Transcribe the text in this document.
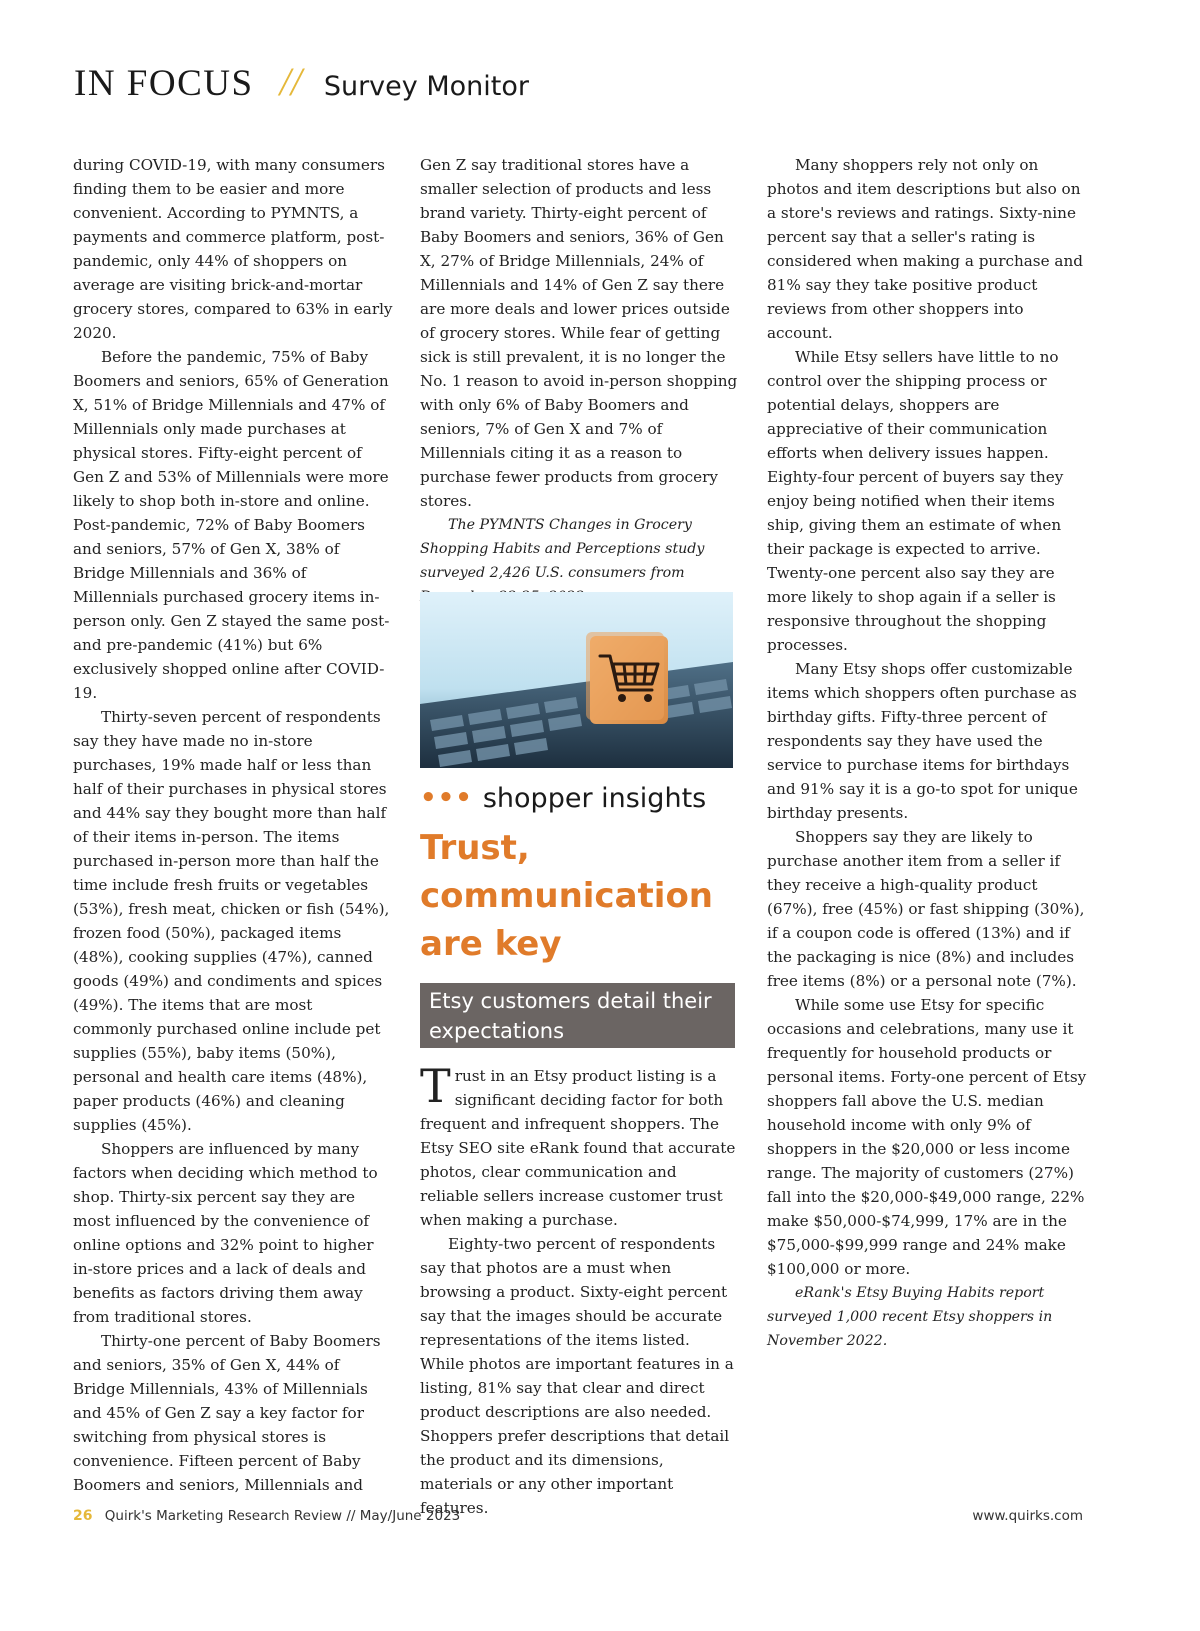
IN FOCUS // Survey Monitor

during COVID-19, with many consumers finding them to be easier and more convenient. According to PYMNTS, a payments and commerce platform, post-pandemic, only 44% of shoppers on average are visiting brick-and-mortar grocery stores, compared to 63% in early 2020.

Before the pandemic, 75% of Baby Boomers and seniors, 65% of Generation X, 51% of Bridge Millennials and 47% of Millennials only made purchases at physical stores. Fifty-eight percent of Gen Z and 53% of Millennials were more likely to shop both in-store and online. Post-pandemic, 72% of Baby Boomers and seniors, 57% of Gen X, 38% of Bridge Millennials and 36% of Millennials purchased grocery items in-person only. Gen Z stayed the same post- and pre-pandemic (41%) but 6% exclusively shopped online after COVID-19.

Thirty-seven percent of respondents say they have made no in-store purchases, 19% made half or less than half of their purchases in physical stores and 44% say they bought more than half of their items in-person. The items purchased in-person more than half the time include fresh fruits or vegetables (53%), fresh meat, chicken or fish (54%), frozen food (50%), packaged items (48%), cooking supplies (47%), canned goods (49%) and condiments and spices (49%). The items that are most commonly purchased online include pet supplies (55%), baby items (50%), personal and health care items (48%), paper products (46%) and cleaning supplies (45%).

Shoppers are influenced by many factors when deciding which method to shop. Thirty-six percent say they are most influenced by the convenience of online options and 32% point to higher in-store prices and a lack of deals and benefits as factors driving them away from traditional stores.

Thirty-one percent of Baby Boomers and seniors, 35% of Gen X, 44% of Bridge Millennials, 43% of Millennials and 45% of Gen Z say a key factor for switching from physical stores is convenience. Fifteen percent of Baby Boomers and seniors, Millennials and

Gen Z say traditional stores have a smaller selection of products and less brand variety. Thirty-eight percent of Baby Boomers and seniors, 36% of Gen X, 27% of Bridge Millennials, 24% of Millennials and 14% of Gen Z say there are more deals and lower prices outside of grocery stores. While fear of getting sick is still prevalent, it is no longer the No. 1 reason to avoid in-person shopping with only 6% of Baby Boomers and seniors, 7% of Gen X and 7% of Millennials citing it as a reason to purchase fewer products from grocery stores.

The PYMNTS Changes in Grocery Shopping Habits and Perceptions study surveyed 2,426 U.S. consumers from

••• shopper insights
Trust,
communication
are key
Etsy customers detail their expectations

Trust in an Etsy product listing is a significant deciding factor for both frequent and infrequent shoppers. The Etsy SEO site eRank found that accurate photos, clear communication and reliable sellers increase customer trust when making a purchase.

Eighty-two percent of respondents say that photos are a must when browsing a product. Sixty-eight percent say that the images should be accurate representations of the items listed. While photos are important features in a listing, 81% say that clear and direct product descriptions are also needed. Shoppers prefer descriptions that detail the product and its dimensions, materials or any other important features.

Many shoppers rely not only on photos and item descriptions but also on a store's reviews and ratings. Sixty-nine percent say that a seller's rating is considered when making a purchase and 81% say they take positive product reviews from other shoppers into account.

While Etsy sellers have little to no control over the shipping process or potential delays, shoppers are appreciative of their communication efforts when delivery issues happen. Eighty-four percent of buyers say they enjoy being notified when their items ship, giving them an estimate of when their package is expected to arrive. Twenty-one percent also say they are more likely to shop again if a seller is responsive throughout the shopping processes.

Many Etsy shops offer customizable items which shoppers often purchase as birthday gifts. Fifty-three percent of respondents say they have used the service to purchase items for birthdays and 91% say it is a go-to spot for unique birthday presents.

Shoppers say they are likely to purchase another item from a seller if they receive a high-quality product (67%), free (45%) or fast shipping (30%), if a coupon code is offered (13%) and if the packaging is nice (8%) and includes free items (8%) or a personal note (7%).

While some use Etsy for specific occasions and celebrations, many use it frequently for household products or personal items. Forty-one percent of Etsy shoppers fall above the U.S. median household income with only 9% of shoppers in the $20,000 or less income range. The majority of customers (27%) fall into the $20,000-$49,000 range, 22% make $50,000-$74,999, 17% are in the $75,000-$99,999 range and 24% make $100,000 or more.

eRank's Etsy Buying Habits report surveyed 1,000 recent Etsy shoppers in November 2022.

26 Quirk's Marketing Research Review // May/June 2023	www.quirks.com
